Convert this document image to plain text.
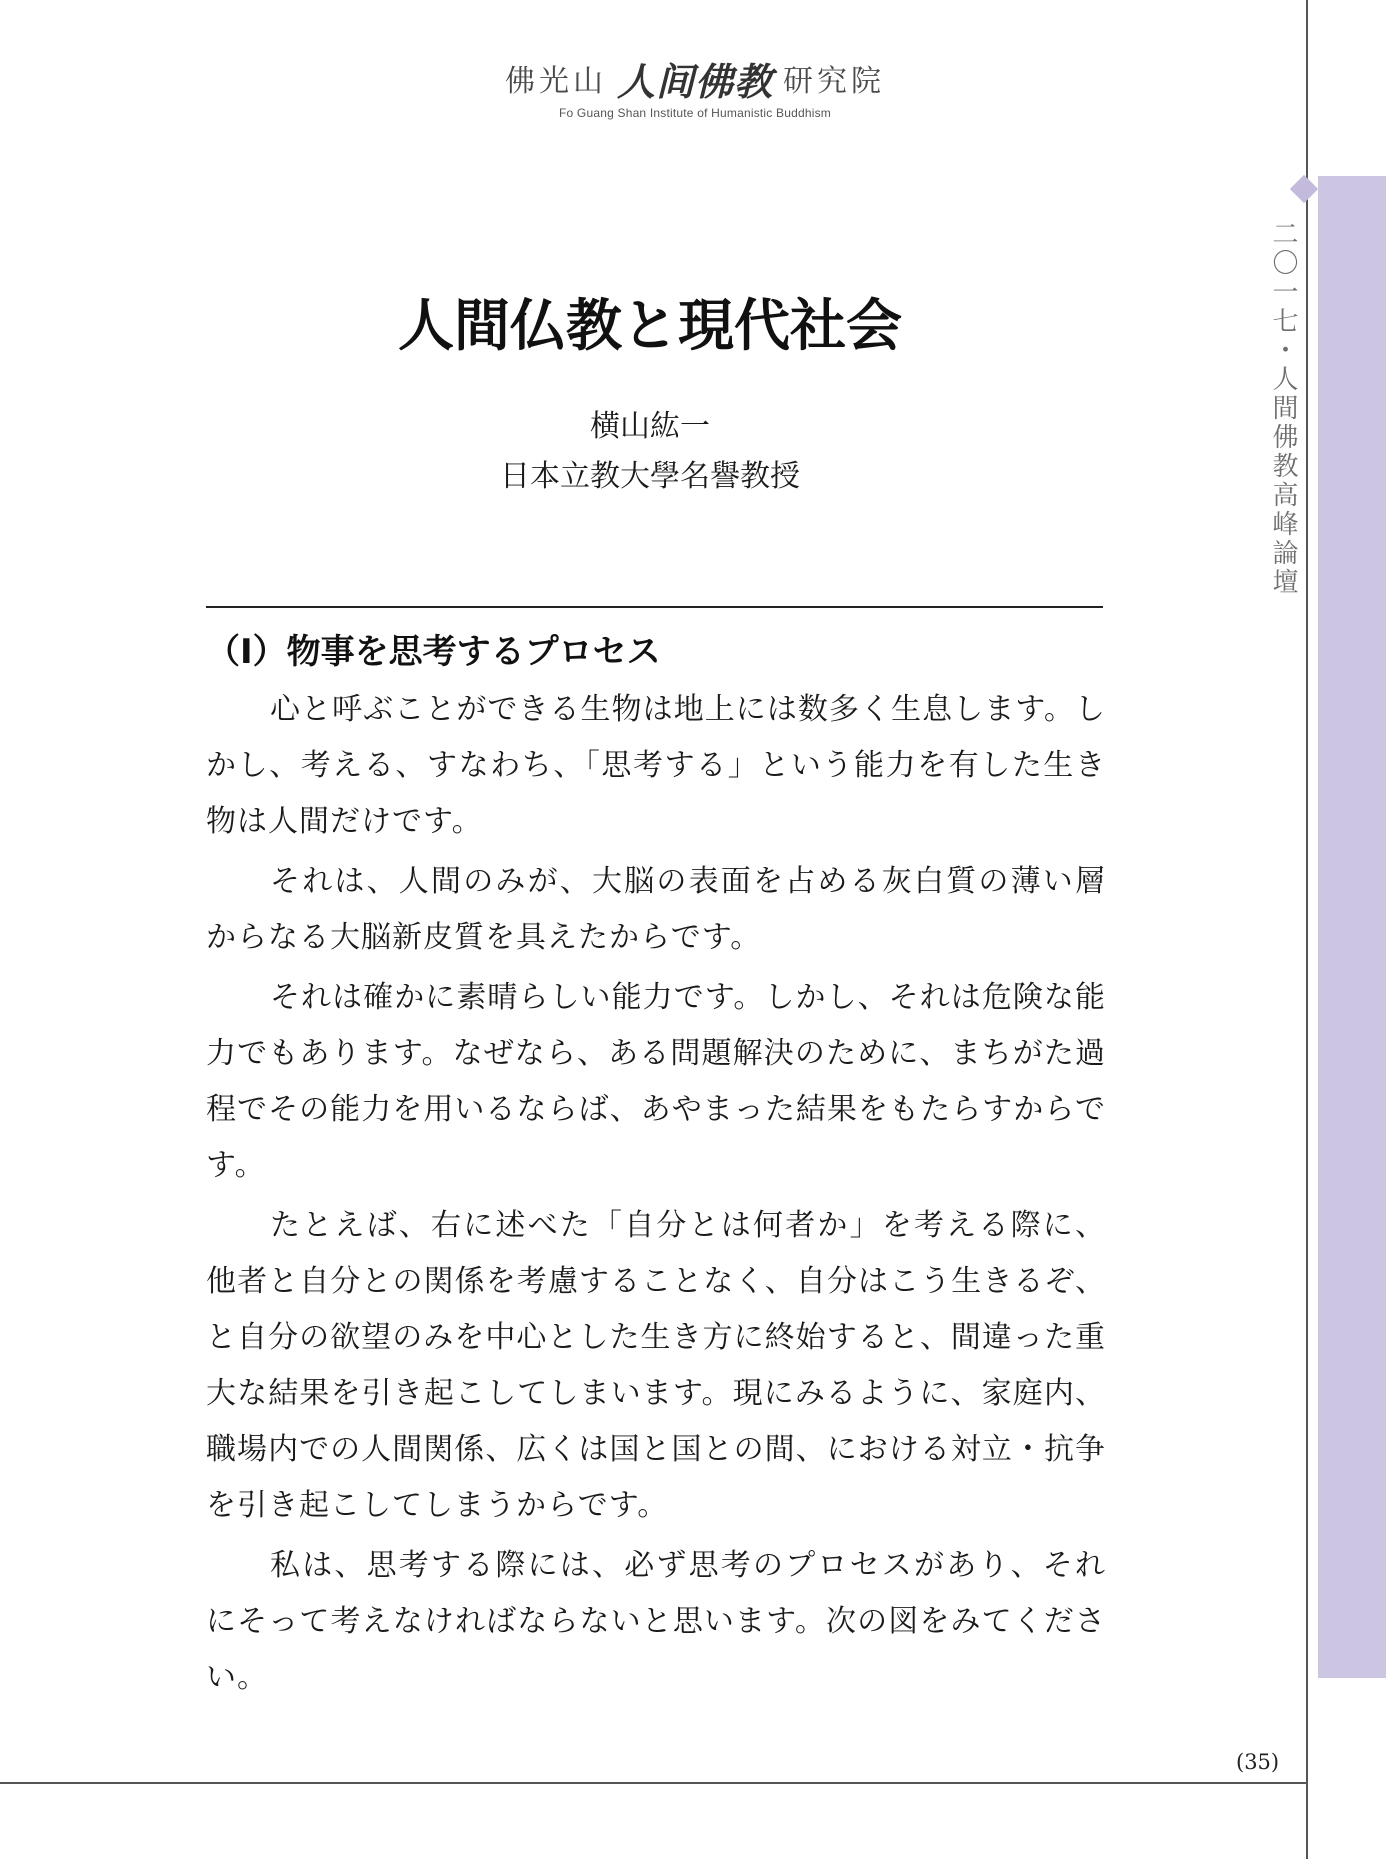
佛光山 人间佛教 研究院
Fo Guang Shan Institute of Humanistic Buddhism
二〇一七・人間佛教高峰論壇
人間仏教と現代社会
横山紘一
日本立教大學名譽教授
（I）物事を思考するプロセス

心と呼ぶことができる生物は地上には数多く生息します。しかし、考える、すなわち、「思考する」という能力を有した生き物は人間だけです。

それは、人間のみが、大脳の表面を占める灰白質の薄い層からなる大脳新皮質を具えたからです。

それは確かに素晴らしい能力です。しかし、それは危険な能力でもあります。なぜなら、ある問題解決のために、まちがた過程でその能力を用いるならば、あやまった結果をもたらすからです。

たとえば、右に述べた「自分とは何者か」を考える際に、他者と自分との関係を考慮することなく、自分はこう生きるぞ、と自分の欲望のみを中心とした生き方に終始すると、間違った重大な結果を引き起こしてしまいます。現にみるように、家庭内、職場内での人間関係、広くは国と国との間、における対立・抗争を引き起こしてしまうからです。

私は、思考する際には、必ず思考のプロセスがあり、それにそって考えなければならないと思います。次の図をみてください。

(35)
